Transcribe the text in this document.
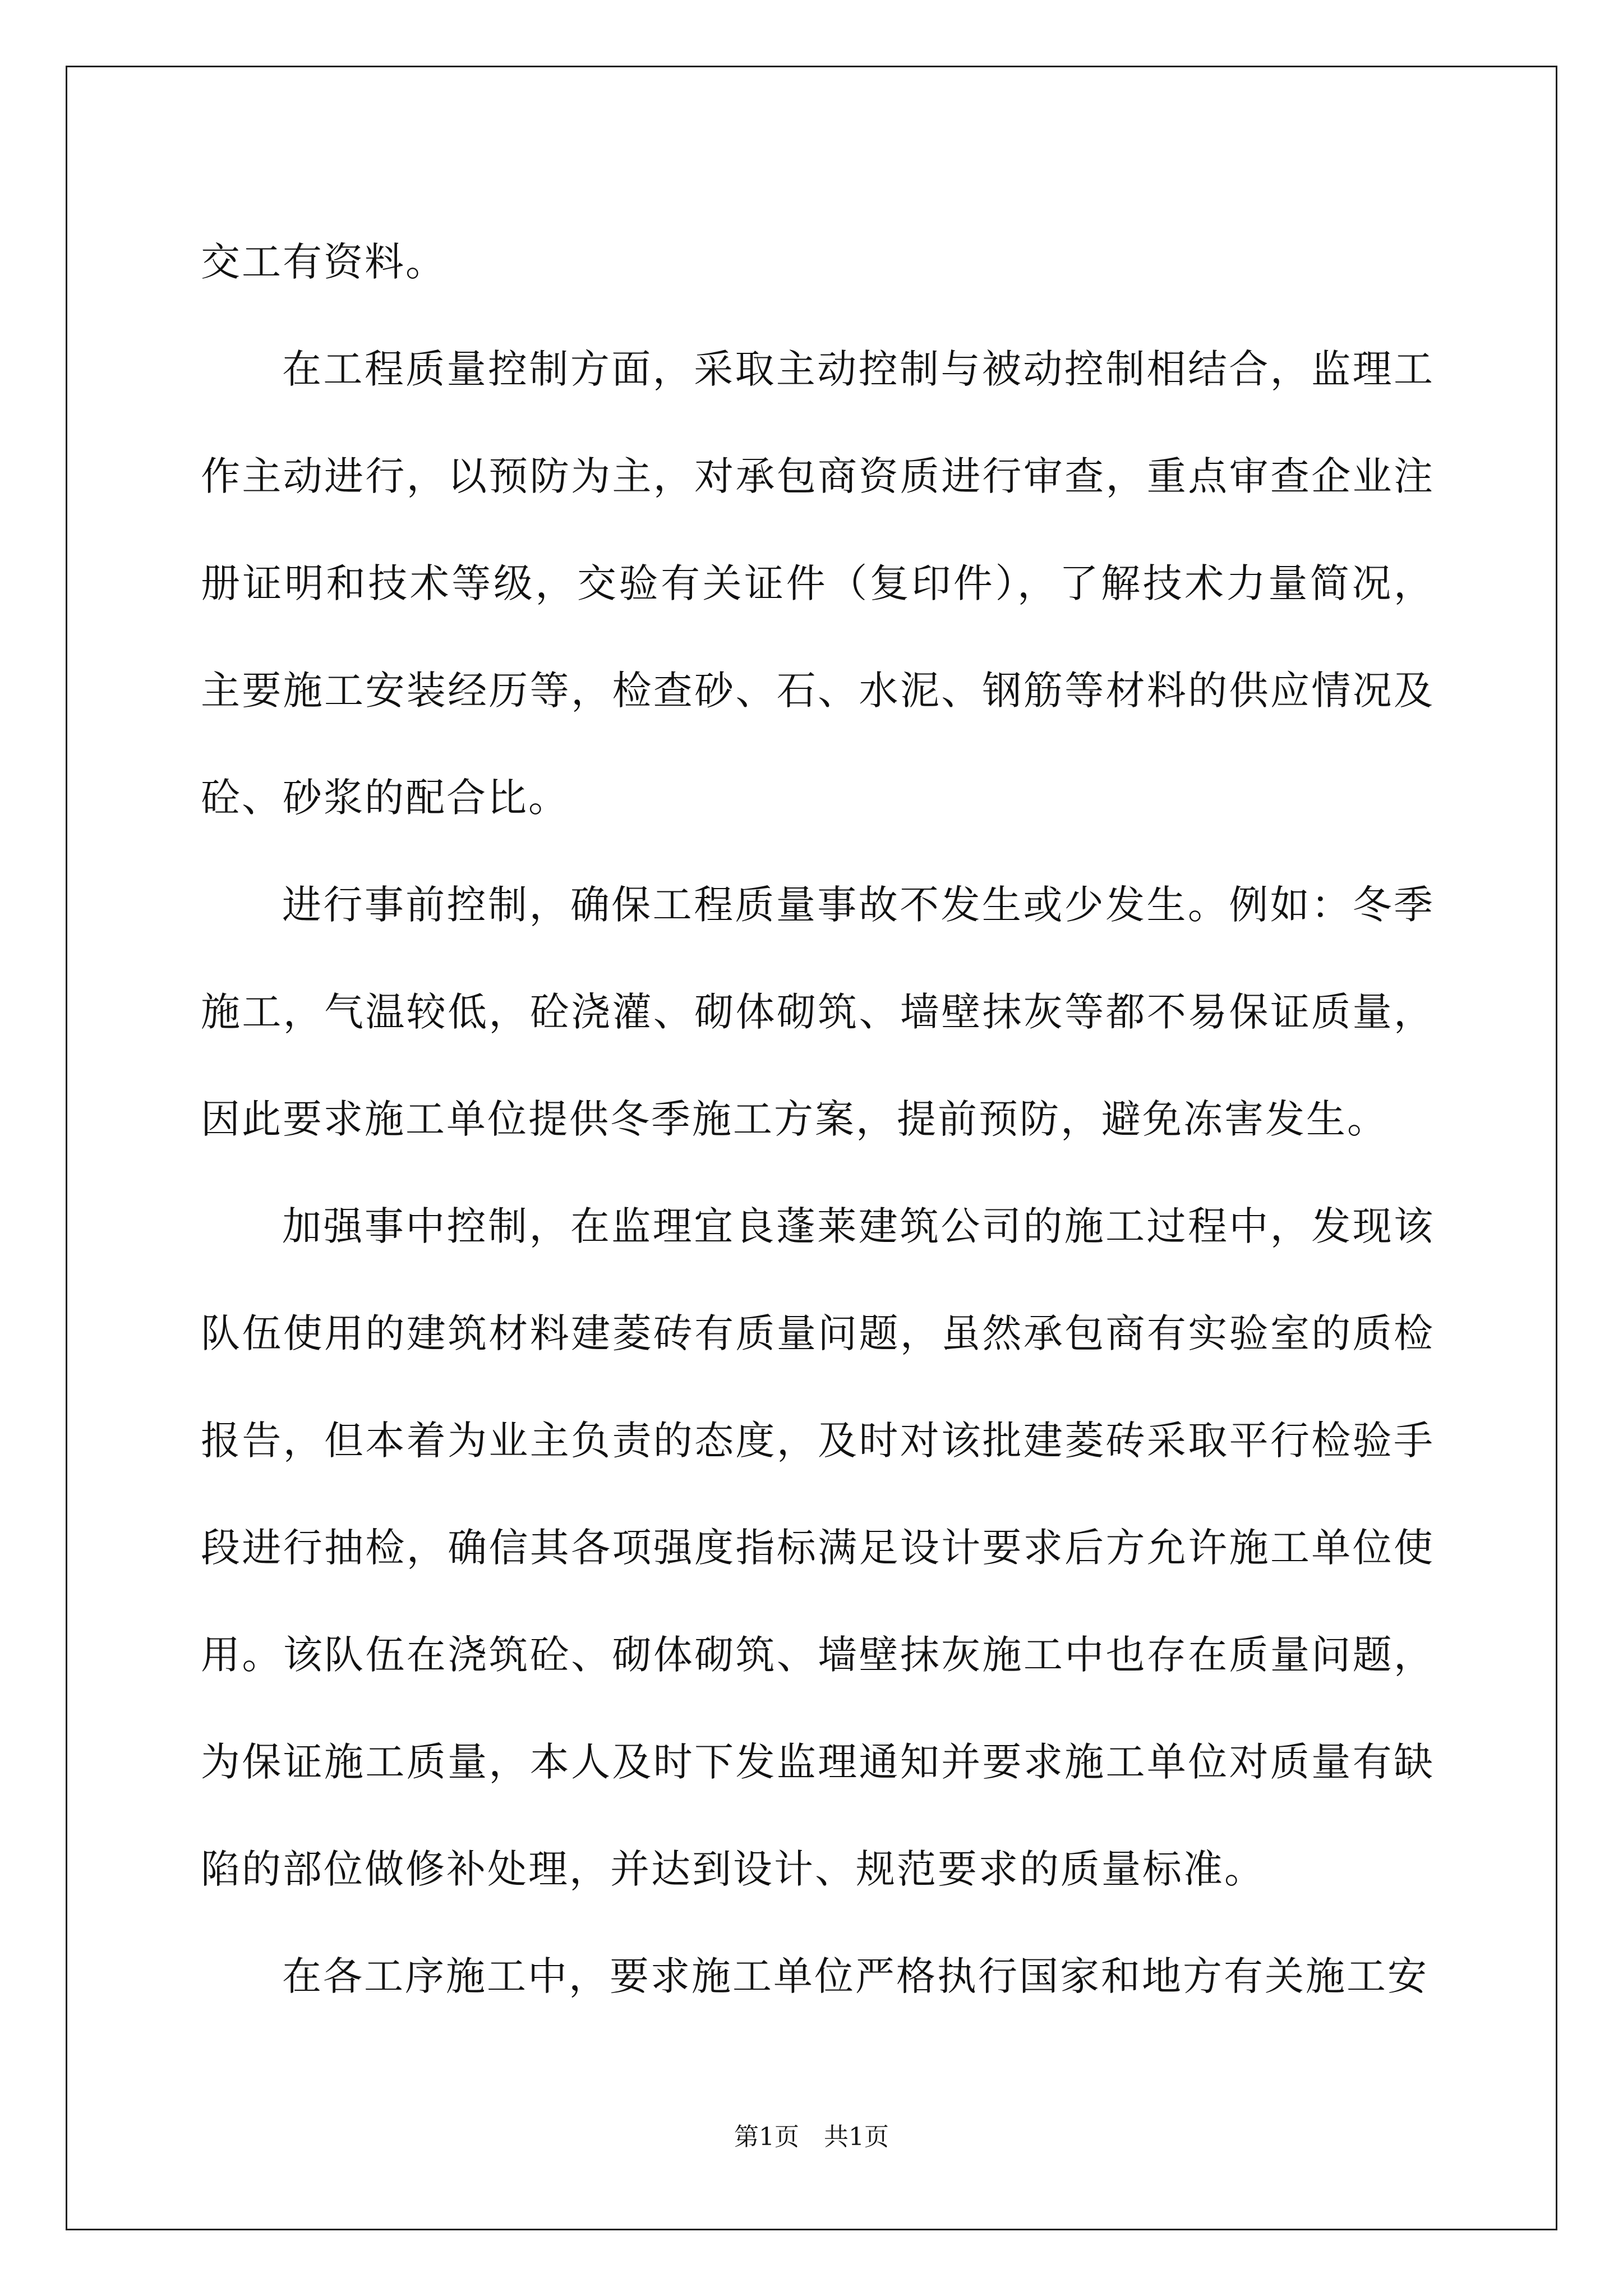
交工有资料。

在工程质量控制方面，采取主动控制与被动控制相结合，监理工作主动进行，以预防为主，对承包商资质进行审查，重点审查企业注册证明和技术等级，交验有关证件（复印件），了解技术力量简况，主要施工安装经历等，检查砂、石、水泥、钢筋等材料的供应情况及砼、砂浆的配合比。

进行事前控制，确保工程质量事故不发生或少发生。例如：冬季施工，气温较低，砼浇灌、砌体砌筑、墙壁抹灰等都不易保证质量，因此要求施工单位提供冬季施工方案，提前预防，避免冻害发生。

加强事中控制，在监理宜良蓬莱建筑公司的施工过程中，发现该队伍使用的建筑材料建菱砖有质量问题，虽然承包商有实验室的质检报告，但本着为业主负责的态度，及时对该批建菱砖采取平行检验手段进行抽检，确信其各项强度指标满足设计要求后方允许施工单位使用。该队伍在浇筑砼、砌体砌筑、墙壁抹灰施工中也存在质量问题，为保证施工质量，本人及时下发监理通知并要求施工单位对质量有缺陷的部位做修补处理，并达到设计、规范要求的质量标准。

在各工序施工中，要求施工单位严格执行国家和地方有关施工安

第1页 共1页
